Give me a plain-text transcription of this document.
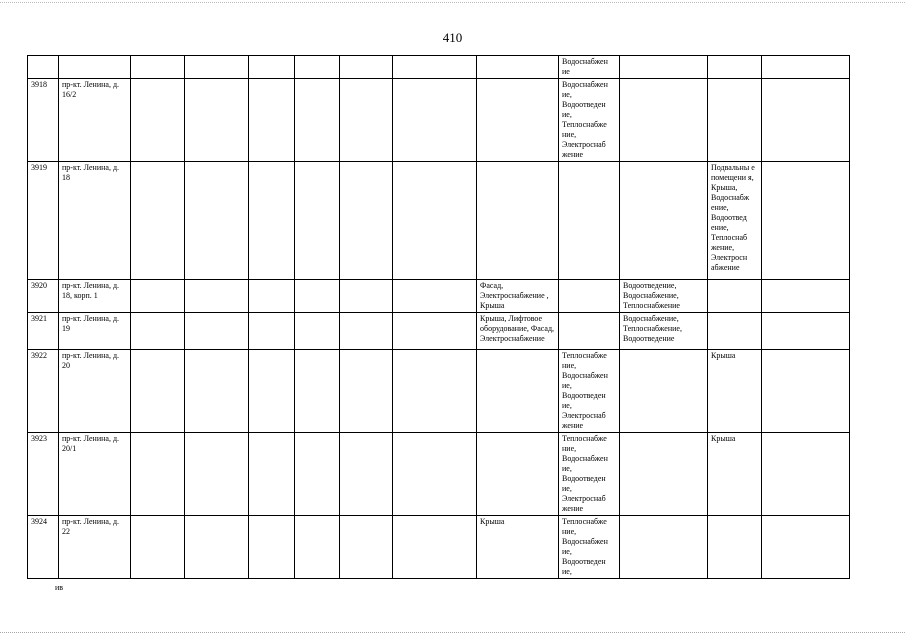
410
									Водоснабжен ие			
3918	пр-кт. Ленина, д. 16/2								Водоснабжен ие, Водоотведен ие, Теплоснабже ние, Электроснаб жение			
3919	пр-кт. Ленина, д. 18										Подвальны е помещени я, Крыша, Водоснабж ение, Водоотвед ение, Теплоснаб жение, Электросн абжение	
3920	пр-кт. Ленина, д. 18, корп. 1							Фасад, Электроснабжение , Крыша		Водоотведение, Водоснабжение, Теплоснабжение		
3921	пр-кт. Ленина, д. 19							Крыша, Лифтовое оборудование, Фасад, Электроснабжение		Водоснабжение, Теплоснабжение, Водоотведение		
3922	пр-кт. Ленина, д. 20								Теплоснабже ние, Водоснабжен ие, Водоотведен ие, Электроснаб жение		Крыша	
3923	пр-кт. Ленина, д. 20/1								Теплоснабже ние, Водоснабжен ие, Водоотведен ие, Электроснаб жение		Крыша	
3924	пр-кт. Ленина, д. 22							Крыша	Теплоснабже ние, Водоснабжен ие, Водоотведен ие,			
ив
